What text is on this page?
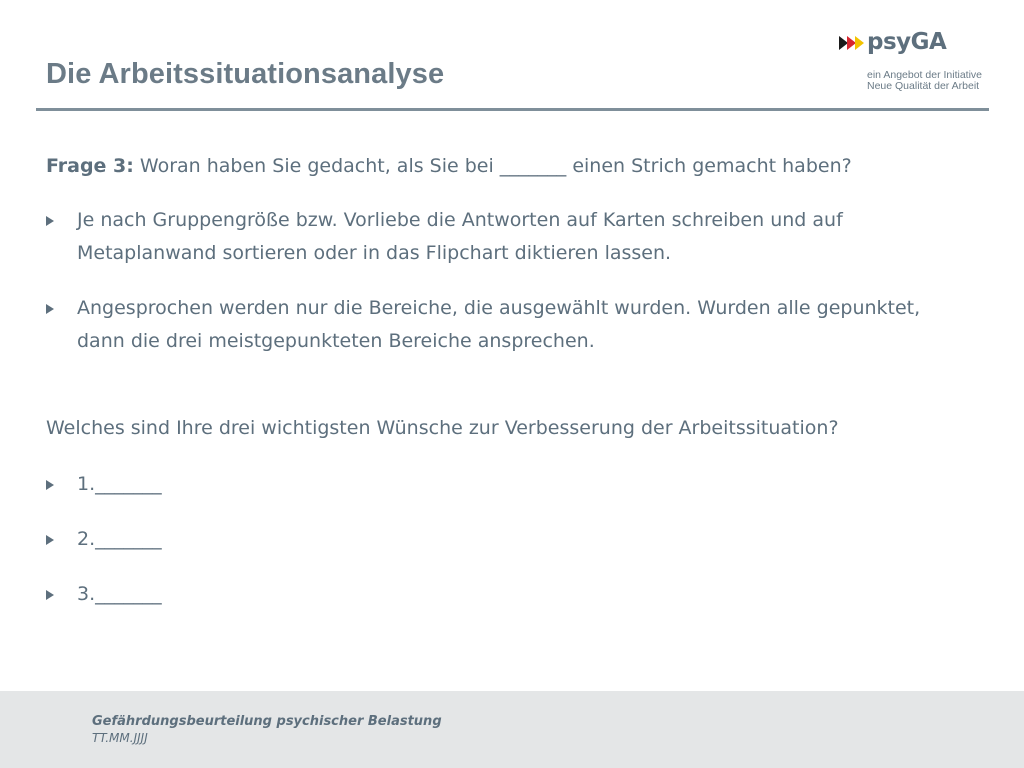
Die Arbeitssituationsanalyse
psyGA
ein Angebot der Initiative
Neue Qualität der Arbeit
Frage 3: Woran haben Sie gedacht, als Sie bei _______ einen Strich gemacht haben?
Je nach Gruppengröße bzw. Vorliebe die Antworten auf Karten schreiben und auf Metaplanwand sortieren oder in das Flipchart diktieren lassen.
Angesprochen werden nur die Bereiche, die ausgewählt wurden. Wurden alle gepunktet, dann die drei meistgepunkteten Bereiche ansprechen.
Welches sind Ihre drei wichtigsten Wünsche zur Verbesserung der Arbeitssituation?
1._______
2._______
3._______
Gefährdungsbeurteilung psychischer Belastung
TT.MM.JJJJ
